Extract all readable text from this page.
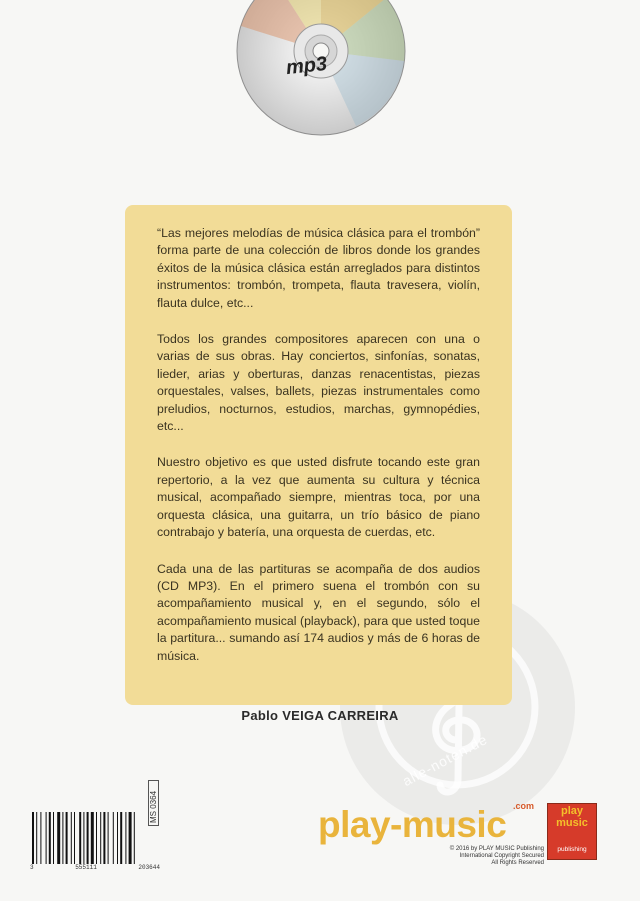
mp3
alle-noten.de

“Las mejores melodías de música clásica para el trombón” forma parte de una colección de libros donde los grandes éxitos de la música clásica están arreglados para distintos instrumentos: trombón, trompeta, flauta travesera, violín, flauta dulce, etc...

Todos los grandes compositores aparecen con una o varias de sus obras. Hay conciertos, sinfonías, sonatas, lieder, arias y oberturas, danzas renacentistas, piezas orquestales, valses, ballets, piezas instrumentales como preludios, nocturnos, estudios, marchas, gymnopédies, etc...

Nuestro objetivo es que usted disfrute tocando este gran repertorio, a la vez que aumenta su cultura y técnica musical, acompañado siempre, mientras toca, por una orquesta clásica, una guitarra, un trío básico de piano contrabajo y batería, una orquesta de cuerdas, etc.

Cada una de las partituras se acompaña de dos audios (CD MP3). En el primero suena el trombón con su acompañamiento musical y, en el segundo, sólo el acompañamiento musical (playback), para que usted toque la partitura... sumando así 174 audios y más de 6 horas de música.

Pablo VEIGA CARREIRA
3	555111	203644
MS 0364	play-music .com	play music
publishing
© 2016 by PLAY MUSIC Publishing
International Copyright Secured
All Rights Reserved
